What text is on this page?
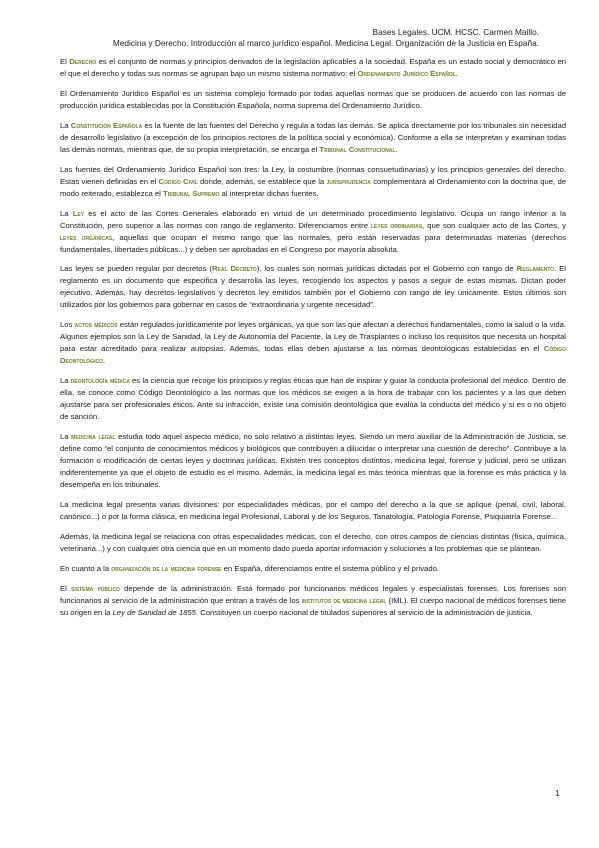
Bases Legales. UCM. HCSC. Carmen Maillo.
Medicina y Derecho. Introducción al marco jurídico español. Medicina Legal. Organización de la Justicia en España.

El Derecho es el conjunto de normas y principios derivados de la legislación aplicables a la sociedad. España es un estado social y democrático en el que el derecho y todas sus normas se agrupan bajo un mismo sistema normativo: el Ordenamiento Jurídico Español.

El Ordenamiento Jurídico Español es un sistema complejo formado por todas aquellas normas que se producen de acuerdo con las normas de producción jurídica establecidas por la Constitución Española, norma suprema del Ordenamiento Jurídico.

La Constitución Española es la fuente de las fuentes del Derecho y regula a todas las demás. Se aplica directamente por los tribunales sin necesidad de desarrollo legislativo (a excepción de los principios rectores de la política social y económica). Conforme a ella se interpretan y examinan todas las demás normas, mientras que, de su propia interpretación, se encarga el Tribunal Constitucional.

Las fuentes del Ordenamiento Jurídico Español son tres: la Ley, la costumbre (normas consuetudinarias) y los principios generales del derecho. Estas vienen definidas en el Código Civil donde, además, se establece que la jurisprudencia complementará al Ordenamiento con la doctrina que, de modo reiterado, establezca el Tribunal Supremo al interpretar dichas fuentes.

La Ley es el acto de las Cortes Generales elaborado en virtud de un determinado procedimiento legislativo. Ocupa un rango inferior a la Constitución, pero superior a las normas con rango de reglamento. Diferenciamos entre leyes ordinarias, que son cualquier acto de las Cortes, y leyes orgánicas, aquellas que ocupan el mismo rango que las normales, pero están reservadas para determinadas materias (derechos fundamentales, libertades públicas...) y deben ser aprobadas en el Congreso por mayoría absoluta.

Las leyes se pueden regular por decretos (Real Decreto), los cuales son normas jurídicas dictadas por el Gobierno con rango de Reglamento. El reglamento es un documento que especifica y desarrolla las leyes, recogiendo los aspectos y pasos a seguir de estas mismas. Dictan poder ejecutivo. Además, hay decretos legislativos y decretos ley emitidos también por el Gobierno con rango de ley únicamente. Estos últimos son utilizados por los gobiernos para gobernar en casos de “extraordinaria y urgente necesidad”.

Los actos médicos están regulados jurídicamente por leyes orgánicas, ya que son las que afectan a derechos fundamentales, como la salud o la vida. Algunos ejemplos son la Ley de Sanidad, la Ley de Autonomía del Paciente, la Ley de Trasplantes o incluso los requisitos que necesita un hospital para estar acreditado para realizar autopsias. Además, todas ellas deben ajustarse a las normas deontológicas establecidas en el Código Deontológico.

La deontología médica es la ciencia que recoge los principios y reglas éticas que han de inspirar y guiar la conducta profesional del médico. Dentro de ella, se conoce como Código Deontológico a las normas que los médicos se exigen a la hora de trabajar con los pacientes y a las que deben ajustarse para ser profesionales éticos. Ante su infracción, existe una comisión deontológica que evalúa la conducta del médico y si es o no objeto de sanción.

La medicina legal estudia todo aquel aspecto médico, no solo relativo a distintas leyes. Siendo un mero auxiliar de la Administración de Justicia, se define como “el conjunto de conocimientos médicos y biológicos que contribuyen a dilucidar o interpretar una cuestión de derecho”. Contribuye a la formación o modificación de ciertas leyes y doctrinas jurídicas. Existen tres conceptos distintos, medicina legal, forense y judicial, pero se utilizan indiferentemente ya que el objeto de estudio es el mismo. Además, la medicina legal es más teórica mientras que la forense es más práctica y la desempeña en los tribunales.

La medicina legal presenta varias divisiones: por especialidades médicas, por el campo del derecho a la que se aplique (penal, civil, laboral, canónico...) o por la forma clásica, en medicina legal Profesional, Laboral y de los Seguros, Tanatología, Patología Forense, Psiquiatría Forense...

Además, la medicina legal se relaciona con otras especialidades médicas, con el derecho, con otros campos de ciencias distintas (física, química, veterinaria...) y con cualquier otra ciencia que en un momento dado pueda aportar información y soluciones a los problemas que se plantean.

En cuanto a la organización de la medicina forense en España, diferenciamos entre el sistema público y el privado.

El sistema público depende de la administración. Está formado por funcionarios médicos legales y especialistas forenses. Los forenses son funcionarios al servicio de la administración que entran a través de los institutos de medicina legal (IML). El cuerpo nacional de médicos forenses tiene su origen en la Ley de Sanidad de 1855. Constituyen un cuerpo nacional de titulados superiores al servicio de la administración de justicia.

1
